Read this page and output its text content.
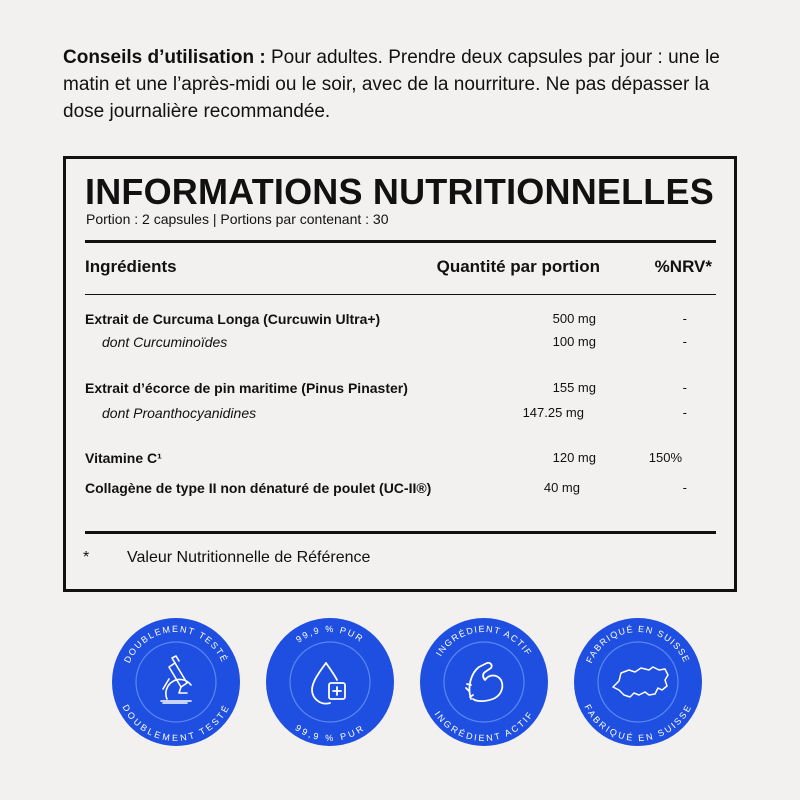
Conseils d’utilisation : Pour adultes. Prendre deux capsules par jour : une le matin et une l’après-midi ou le soir, avec de la nourriture. Ne pas dépasser la dose journalière recommandée.
INFORMATIONS NUTRITIONNELLES
Portion : 2 capsules | Portions par contenant : 30
Ingrédients	Quantité par portion	%NRV*
Extrait de Curcuma Longa (Curcuwin Ultra+)	500 mg	-
dont Curcuminoïdes	100 mg	-
Extrait d’écorce de pin maritime (Pinus Pinaster)	155 mg	-
dont Proanthocyanidines	147.25 mg	-
Vitamine C¹	120 mg	150%
Collagène de type II non dénaturé de poulet (UC-II®)	40 mg	-
* Valeur Nutritionnelle de Référence
DOUBLEMENT TESTÉ
DOUBLEMENT TESTÉ
99,9 % PUR
99,9 % PUR
INGRÉDIENT ACTIF
INGRÉDIENT ACTIF
FABRIQUÉ EN SUISSE
FABRIQUÉ EN SUISSE
